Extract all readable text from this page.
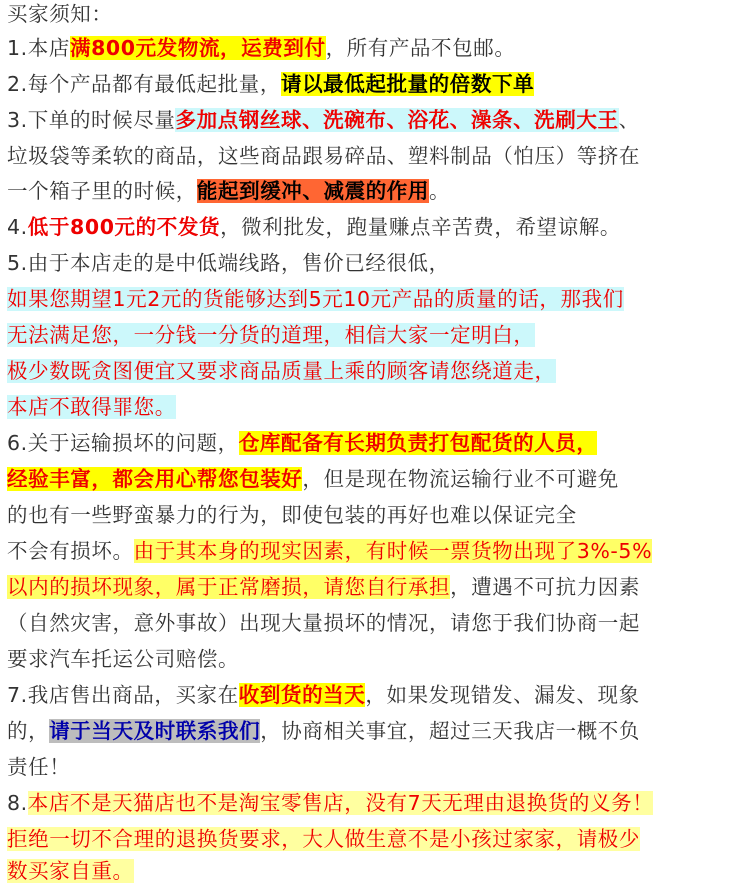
买家须知：
1.本店满800元发物流，运费到付，所有产品不包邮。
2.每个产品都有最低起批量，请以最低起批量的倍数下单
3.下单的时候尽量多加点钢丝球、洗碗布、浴花、澡条、洗刷大王、
垃圾袋等柔软的商品，这些商品跟易碎品、塑料制品（怕压）等挤在
一个箱子里的时候，能起到缓冲、减震的作用。
4.低于800元的不发货，微利批发，跑量赚点辛苦费，希望谅解。
5.由于本店走的是中低端线路，售价已经很低，
如果您期望1元2元的货能够达到5元10元产品的质量的话，那我们
无法满足您，一分钱一分货的道理，相信大家一定明白，
极少数既贪图便宜又要求商品质量上乘的顾客请您绕道走，
本店不敢得罪您。
6.关于运输损坏的问题，仓库配备有长期负责打包配货的人员，
经验丰富，都会用心帮您包装好，但是现在物流运输行业不可避免
的也有一些野蛮暴力的行为，即使包装的再好也难以保证完全
不会有损坏。由于其本身的现实因素，有时候一票货物出现了3%-5%
以内的损坏现象，属于正常磨损，请您自行承担，遭遇不可抗力因素
（自然灾害，意外事故）出现大量损坏的情况，请您于我们协商一起
要求汽车托运公司赔偿。
7.我店售出商品，买家在收到货的当天，如果发现错发、漏发、现象
的，请于当天及时联系我们，协商相关事宜，超过三天我店一概不负
责任！
8.本店不是天猫店也不是淘宝零售店，没有7天无理由退换货的义务！
拒绝一切不合理的退换货要求，大人做生意不是小孩过家家，请极少
数买家自重。
